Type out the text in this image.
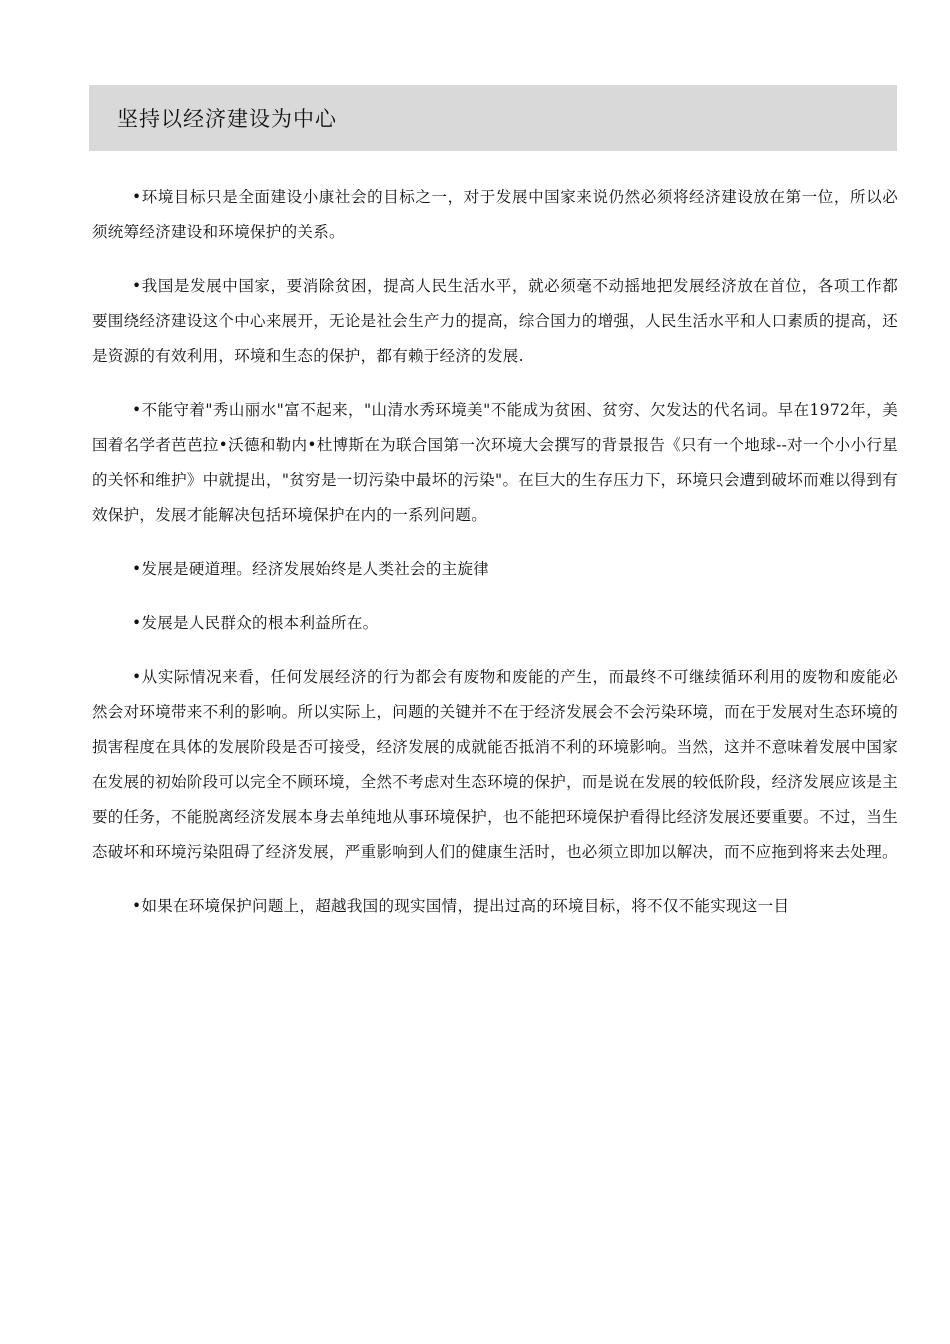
坚持以经济建设为中心

•环境目标只是全面建设小康社会的目标之一，对于发展中国家来说仍然必须将经济建设放在第一位，所以必须统筹经济建设和环境保护的关系。

•我国是发展中国家，要消除贫困，提高人民生活水平，就必须毫不动摇地把发展经济放在首位，各项工作都要围绕经济建设这个中心来展开，无论是社会生产力的提高，综合国力的增强，人民生活水平和人口素质的提高，还是资源的有效利用，环境和生态的保护，都有赖于经济的发展.

•不能守着"秀山丽水"富不起来，"山清水秀环境美"不能成为贫困、贫穷、欠发达的代名词。早在1972年，美国着名学者芭芭拉•沃德和勒内•杜博斯在为联合国第一次环境大会撰写的背景报告《只有一个地球--对一个小小行星的关怀和维护》中就提出，"贫穷是一切污染中最坏的污染"。在巨大的生存压力下，环境只会遭到破坏而难以得到有效保护，发展才能解决包括环境保护在内的一系列问题。

•发展是硬道理。经济发展始终是人类社会的主旋律

•发展是人民群众的根本利益所在。

•从实际情况来看，任何发展经济的行为都会有废物和废能的产生，而最终不可继续循环利用的废物和废能必然会对环境带来不利的影响。所以实际上，问题的关键并不在于经济发展会不会污染环境，而在于发展对生态环境的损害程度在具体的发展阶段是否可接受，经济发展的成就能否抵消不利的环境影响。当然，这并不意味着发展中国家在发展的初始阶段可以完全不顾环境，全然不考虑对生态环境的保护，而是说在发展的较低阶段，经济发展应该是主要的任务，不能脱离经济发展本身去单纯地从事环境保护，也不能把环境保护看得比经济发展还要重要。不过，当生态破坏和环境污染阻碍了经济发展，严重影响到人们的健康生活时，也必须立即加以解决，而不应拖到将来去处理。

•如果在环境保护问题上，超越我国的现实国情，提出过高的环境目标，将不仅不能实现这一目
